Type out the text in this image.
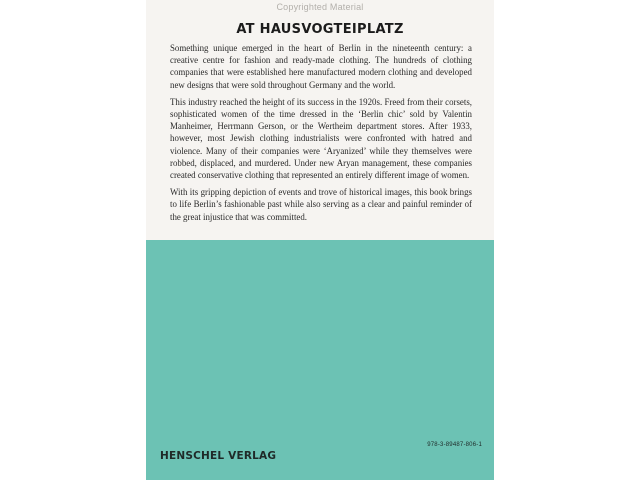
Copyrighted Material
AT HAUSVOGTEIPLATZ

Something unique emerged in the heart of Berlin in the nineteenth century: a creative centre for fashion and ready-made clothing. The hundreds of clothing companies that were established here manufactured modern clothing and developed new designs that were sold throughout Germany and the world.

This industry reached the height of its success in the 1920s. Freed from their corsets, sophisticated women of the time dressed in the ‘Berlin chic’ sold by Valentin Manheimer, Herrmann Gerson, or the Wertheim department stores. After 1933, however, most Jewish clothing industrialists were confronted with hatred and violence. Many of their companies were ‘Aryanized’ while they themselves were robbed, displaced, and murdered. Under new Aryan management, these companies created conservative clothing that represented an entirely different image of women.

With its gripping depiction of events and trove of historical images, this book brings to life Berlin’s fashionable past while also serving as a clear and painful reminder of the great injustice that was committed.

978-3-89487-806-1
HENSCHEL VERLAG
